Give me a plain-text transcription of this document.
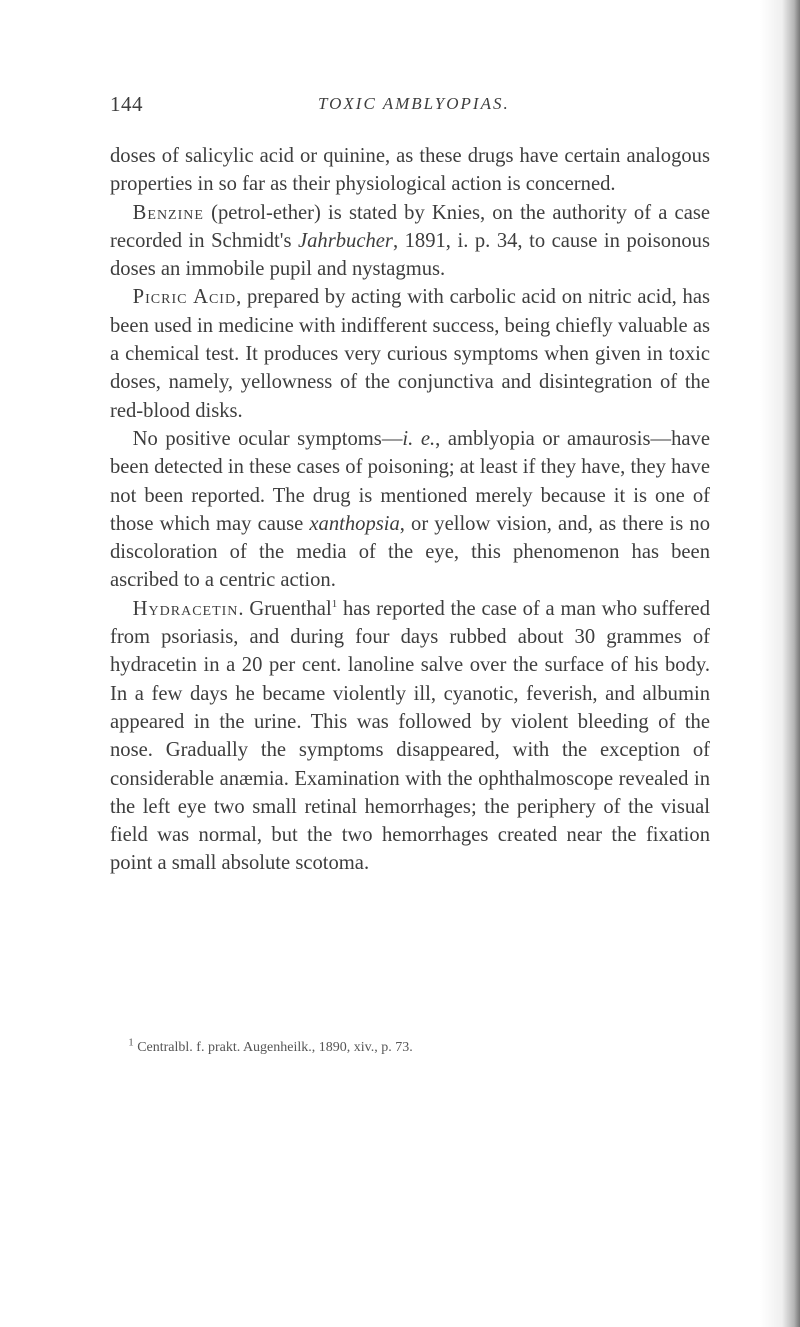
144	TOXIC AMBLYOPIAS.

doses of salicylic acid or quinine, as these drugs have certain analogous properties in so far as their physiological action is concerned.

Benzine (petrol-ether) is stated by Knies, on the authority of a case recorded in Schmidt's Jahrbucher, 1891, i. p. 34, to cause in poisonous doses an immobile pupil and nystagmus.

Picric Acid, prepared by acting with carbolic acid on nitric acid, has been used in medicine with indifferent success, being chiefly valuable as a chemical test. It produces very curious symptoms when given in toxic doses, namely, yellowness of the conjunctiva and disintegration of the red-blood disks.

No positive ocular symptoms—i. e., amblyopia or amaurosis—have been detected in these cases of poisoning; at least if they have, they have not been reported. The drug is mentioned merely because it is one of those which may cause xanthopsia, or yellow vision, and, as there is no discoloration of the media of the eye, this phenomenon has been ascribed to a centric action.

Hydracetin. Gruenthal$^1$ has reported the case of a man who suffered from psoriasis, and during four days rubbed about 30 grammes of hydracetin in a 20 per cent. lanoline salve over the surface of his body. In a few days he became violently ill, cyanotic, feverish, and albumin appeared in the urine. This was followed by violent bleeding of the nose. Gradually the symptoms disappeared, with the exception of considerable anæmia. Examination with the ophthalmoscope revealed in the left eye two small retinal hemorrhages; the periphery of the visual field was normal, but the two hemorrhages created near the fixation point a small absolute scotoma.

$^1$ Centralbl. f. prakt. Augenheilk., 1890, xiv., p. 73.
